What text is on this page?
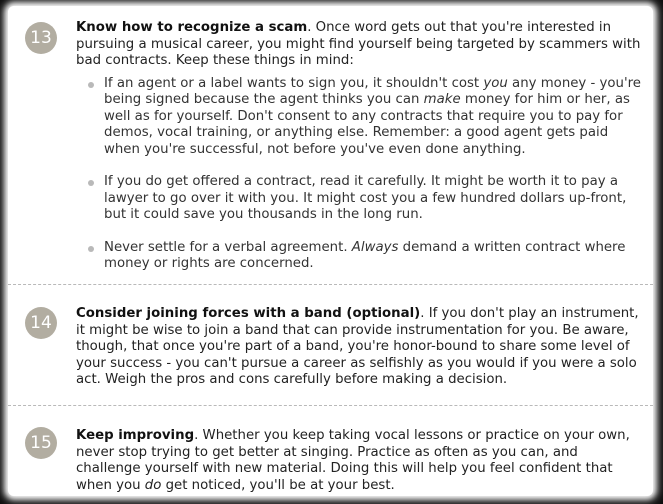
13

Know how to recognize a scam. Once word gets out that you're interested in pursuing a musical career, you might find yourself being targeted by scammers with bad contracts. Keep these things in mind:

If an agent or a label wants to sign you, it shouldn't cost you any money - you're being signed because the agent thinks you can make money for him or her, as well as for yourself. Don't consent to any contracts that require you to pay for demos, vocal training, or anything else. Remember: a good agent gets paid when you're successful, not before you've even done anything.
If you do get offered a contract, read it carefully. It might be worth it to pay a lawyer to go over it with you. It might cost you a few hundred dollars up-front, but it could save you thousands in the long run.
Never settle for a verbal agreement. Always demand a written contract where money or rights are concerned.
14	Consider joining forces with a band (optional). If you don't play an instrument, it might be wise to join a band that can provide instrumentation for you. Be aware, though, that once you're part of a band, you're honor-bound to share some level of your success - you can't pursue a career as selfishly as you would if you were a solo act. Weigh the pros and cons carefully before making a decision.

15	Keep improving. Whether you keep taking vocal lessons or practice on your own, never stop trying to get better at singing. Practice as often as you can, and challenge yourself with new material. Doing this will help you feel confident that when you do get noticed, you'll be at your best.
